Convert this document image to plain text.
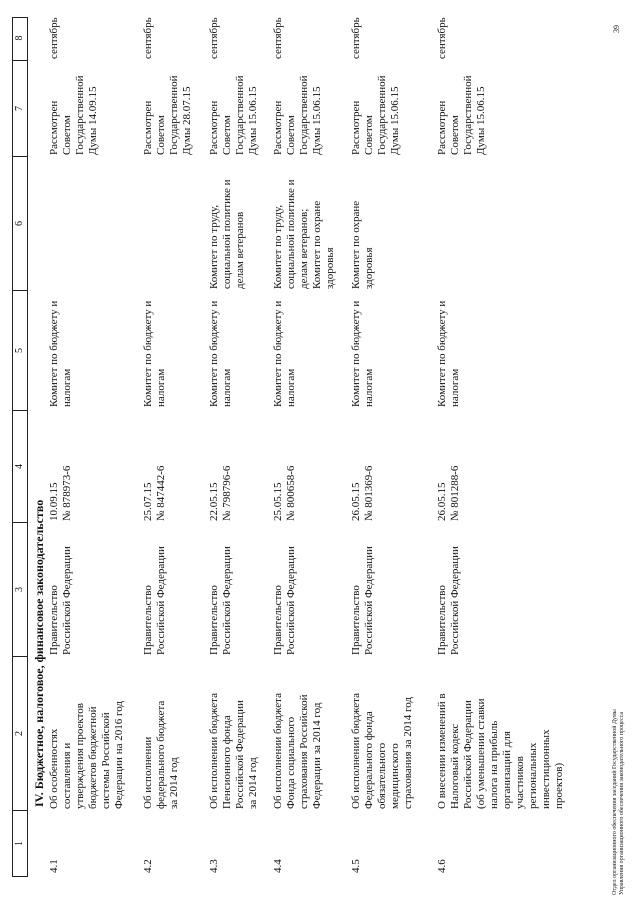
1
2
3
4
5
6
7
8
IV. Бюджетное, налоговое, финансовое законодательство
4.1
Об особенностях
составления и
утверждения проектов
бюджетов бюджетной
системы Российской
Федерации на 2016 год
Правительство
Российской Федерации
10.09.15
№ 878973-6
Комитет по бюджету и
налогам
Рассмотрен
Советом
Государственной
Думы 14.09.15
сентябрь
4.2
Об исполнении
федерального бюджета
за 2014 год
Правительство
Российской Федерации
25.07.15
№ 847442-6
Комитет по бюджету и
налогам
Рассмотрен
Советом
Государственной
Думы 28.07.15
сентябрь
4.3
Об исполнении бюджета
Пенсионного фонда
Российской Федерации
за 2014 год
Правительство
Российской Федерации
22.05.15
№ 798796-6
Комитет по бюджету и
налогам
Комитет по труду,
социальной политике и
делам ветеранов
Рассмотрен
Советом
Государственной
Думы 15.06.15
сентябрь
4.4
Об исполнении бюджета
Фонда социального
страхования Российской
Федерации за 2014 год
Правительство
Российской Федерации
25.05.15
№ 800658-6
Комитет по бюджету и
налогам
Комитет по труду,
социальной политике и
делам ветеранов;
Комитет по охране
здоровья
Рассмотрен
Советом
Государственной
Думы 15.06.15
сентябрь
4.5
Об исполнении бюджета
Федерального фонда
обязательного
медицинского
страхования за 2014 год
Правительство
Российской Федерации
26.05.15
№ 801369-6
Комитет по бюджету и
налогам
Комитет по охране
здоровья
Рассмотрен
Советом
Государственной
Думы 15.06.15
сентябрь
4.6
О внесении изменений в
Налоговый кодекс
Российской Федерации
(об уменьшении ставки
налога на прибыль
организаций для
участников
региональных
инвестиционных
проектов)
Правительство
Российской Федерации
26.05.15
№ 801288-6
Комитет по бюджету и
налогам
Рассмотрен
Советом
Государственной
Думы 15.06.15
сентябрь
Отдел организационного обеспечения заседаний Государственной Думы Управления организационного обеспечения законодательного процесса
39
